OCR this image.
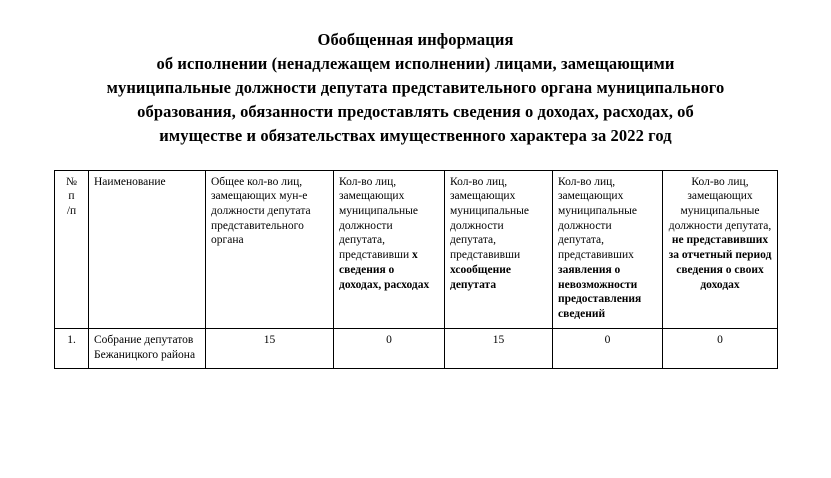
Обобщенная информация
об исполнении (ненадлежащем исполнении) лицами, замещающими
муниципальные должности депутата представительного органа муниципального
образования, обязанности предоставлять сведения о доходах, расходах, об
имуществе и обязательствах имущественного характера за 2022 год
№
п
/п	Наименование	Общее кол-во лиц, замещающих мун-е должности депутата представительного органа	Кол-во лиц, замещающих муниципальные должности депутата, представивши х сведения о доходах, расходах	Кол-во лиц, замещающих муниципальные должности депутата, представивши хсообщение депутата	Кол-во лиц, замещающих муниципальные должности депутата, представивших заявления о невозможности предоставления сведений	Кол-во лиц, замещающих муниципальные должности депутата, не представивших за отчетный период сведения о своих доходах
1.	Собрание депутатов Бежаницкого района	15	0	15	0	0
